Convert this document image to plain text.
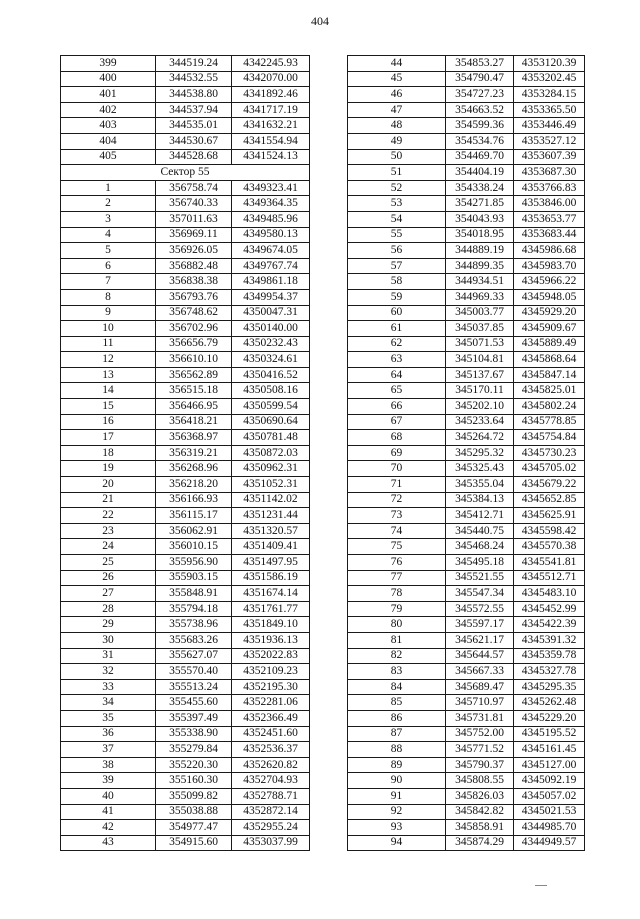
404
399	344519.24	4342245.93
400	344532.55	4342070.00
401	344538.80	4341892.46
402	344537.94	4341717.19
403	344535.01	4341632.21
404	344530.67	4341554.94
405	344528.68	4341524.13
Сектор 55		
1	356758.74	4349323.41
2	356740.33	4349364.35
3	357011.63	4349485.96
4	356969.11	4349580.13
5	356926.05	4349674.05
6	356882.48	4349767.74
7	356838.38	4349861.18
8	356793.76	4349954.37
9	356748.62	4350047.31
10	356702.96	4350140.00
11	356656.79	4350232.43
12	356610.10	4350324.61
13	356562.89	4350416.52
14	356515.18	4350508.16
15	356466.95	4350599.54
16	356418.21	4350690.64
17	356368.97	4350781.48
18	356319.21	4350872.03
19	356268.96	4350962.31
20	356218.20	4351052.31
21	356166.93	4351142.02
22	356115.17	4351231.44
23	356062.91	4351320.57
24	356010.15	4351409.41
25	355956.90	4351497.95
26	355903.15	4351586.19
27	355848.91	4351674.14
28	355794.18	4351761.77
29	355738.96	4351849.10
30	355683.26	4351936.13
31	355627.07	4352022.83
32	355570.40	4352109.23
33	355513.24	4352195.30
34	355455.60	4352281.06
35	355397.49	4352366.49
36	355338.90	4352451.60
37	355279.84	4352536.37
38	355220.30	4352620.82
39	355160.30	4352704.93
40	355099.82	4352788.71
41	355038.88	4352872.14
42	354977.47	4352955.24
43	354915.60	4353037.99
44	354853.27	4353120.39
45	354790.47	4353202.45
46	354727.23	4353284.15
47	354663.52	4353365.50
48	354599.36	4353446.49
49	354534.76	4353527.12
50	354469.70	4353607.39
51	354404.19	4353687.30
52	354338.24	4353766.83
53	354271.85	4353846.00
54	354043.93	4353653.77
55	354018.95	4353683.44
56	344889.19	4345986.68
57	344899.35	4345983.70
58	344934.51	4345966.22
59	344969.33	4345948.05
60	345003.77	4345929.20
61	345037.85	4345909.67
62	345071.53	4345889.49
63	345104.81	4345868.64
64	345137.67	4345847.14
65	345170.11	4345825.01
66	345202.10	4345802.24
67	345233.64	4345778.85
68	345264.72	4345754.84
69	345295.32	4345730.23
70	345325.43	4345705.02
71	345355.04	4345679.22
72	345384.13	4345652.85
73	345412.71	4345625.91
74	345440.75	4345598.42
75	345468.24	4345570.38
76	345495.18	4345541.81
77	345521.55	4345512.71
78	345547.34	4345483.10
79	345572.55	4345452.99
80	345597.17	4345422.39
81	345621.17	4345391.32
82	345644.57	4345359.78
83	345667.33	4345327.78
84	345689.47	4345295.35
85	345710.97	4345262.48
86	345731.81	4345229.20
87	345752.00	4345195.52
88	345771.52	4345161.45
89	345790.37	4345127.00
90	345808.55	4345092.19
91	345826.03	4345057.02
92	345842.82	4345021.53
93	345858.91	4344985.70
94	345874.29	4344949.57
